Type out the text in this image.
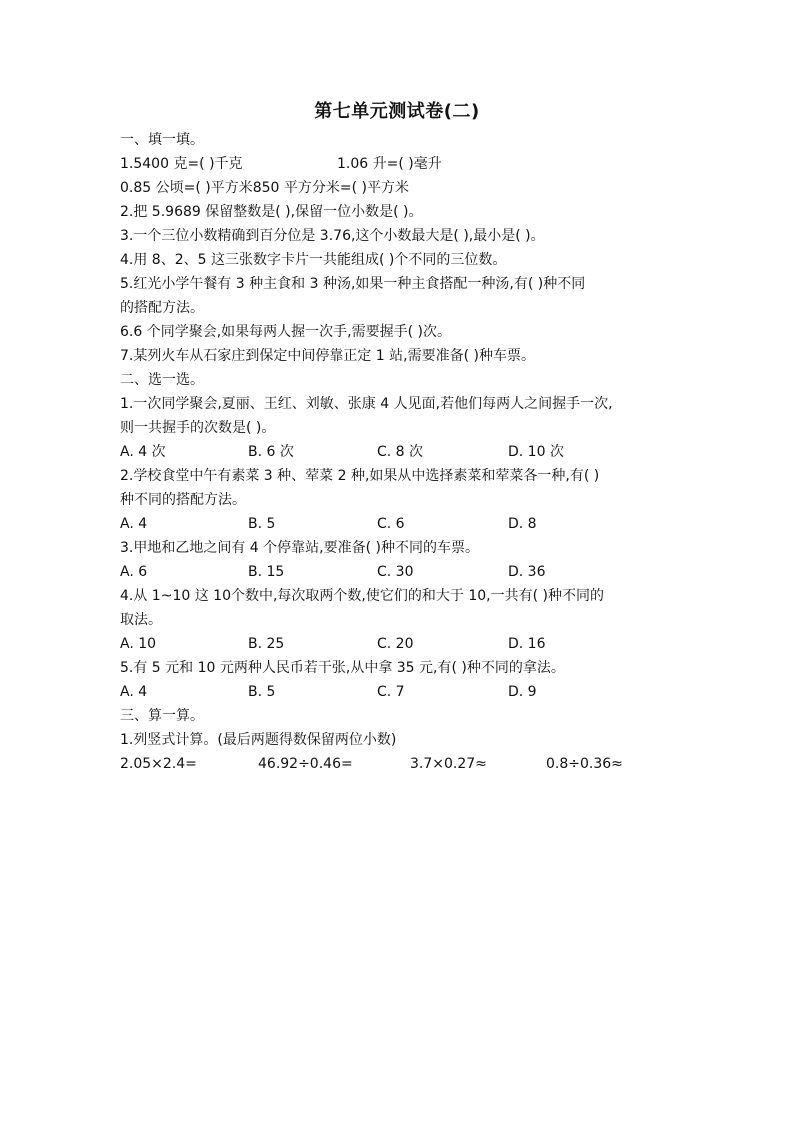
第七单元测试卷(二)
一、填一填。
1.5400 克=( )千克	1.06 升=( )毫升
0.85 公顷=( )平方米850 平方分米=( )平方米
2.把 5.9689 保留整数是( ),保留一位小数是( )。
3.一个三位小数精确到百分位是 3.76,这个小数最大是( ),最小是( )。
4.用 8、2、5 这三张数字卡片一共能组成( )个不同的三位数。
5.红光小学午餐有 3 种主食和 3 种汤,如果一种主食搭配一种汤,有( )种不同
的搭配方法。
6.6 个同学聚会,如果每两人握一次手,需要握手( )次。
7.某列火车从石家庄到保定中间停靠正定 1 站,需要准备( )种车票。
二、选一选。
1.一次同学聚会,夏丽、王红、刘敏、张康 4 人见面,若他们每两人之间握手一次,
则一共握手的次数是( )。
A. 4 次	B. 6 次	C. 8 次	D. 10 次
2.学校食堂中午有素菜 3 种、荤菜 2 种,如果从中选择素菜和荤菜各一种,有( )
种不同的搭配方法。
A. 4	B. 5	C. 6	D. 8
3.甲地和乙地之间有 4 个停靠站,要准备( )种不同的车票。
A. 6	B. 15	C. 30	D. 36
4.从 1~10 这 10个数中,每次取两个数,使它们的和大于 10,一共有( )种不同的
取法。
A. 10	B. 25	C. 20	D. 16
5.有 5 元和 10 元两种人民币若干张,从中拿 35 元,有( )种不同的拿法。
A. 4	B. 5	C. 7	D. 9
三、算一算。
1.列竖式计算。(最后两题得数保留两位小数)
2.05×2.4=	46.92÷0.46=	3.7×0.27≈	0.8÷0.36≈
